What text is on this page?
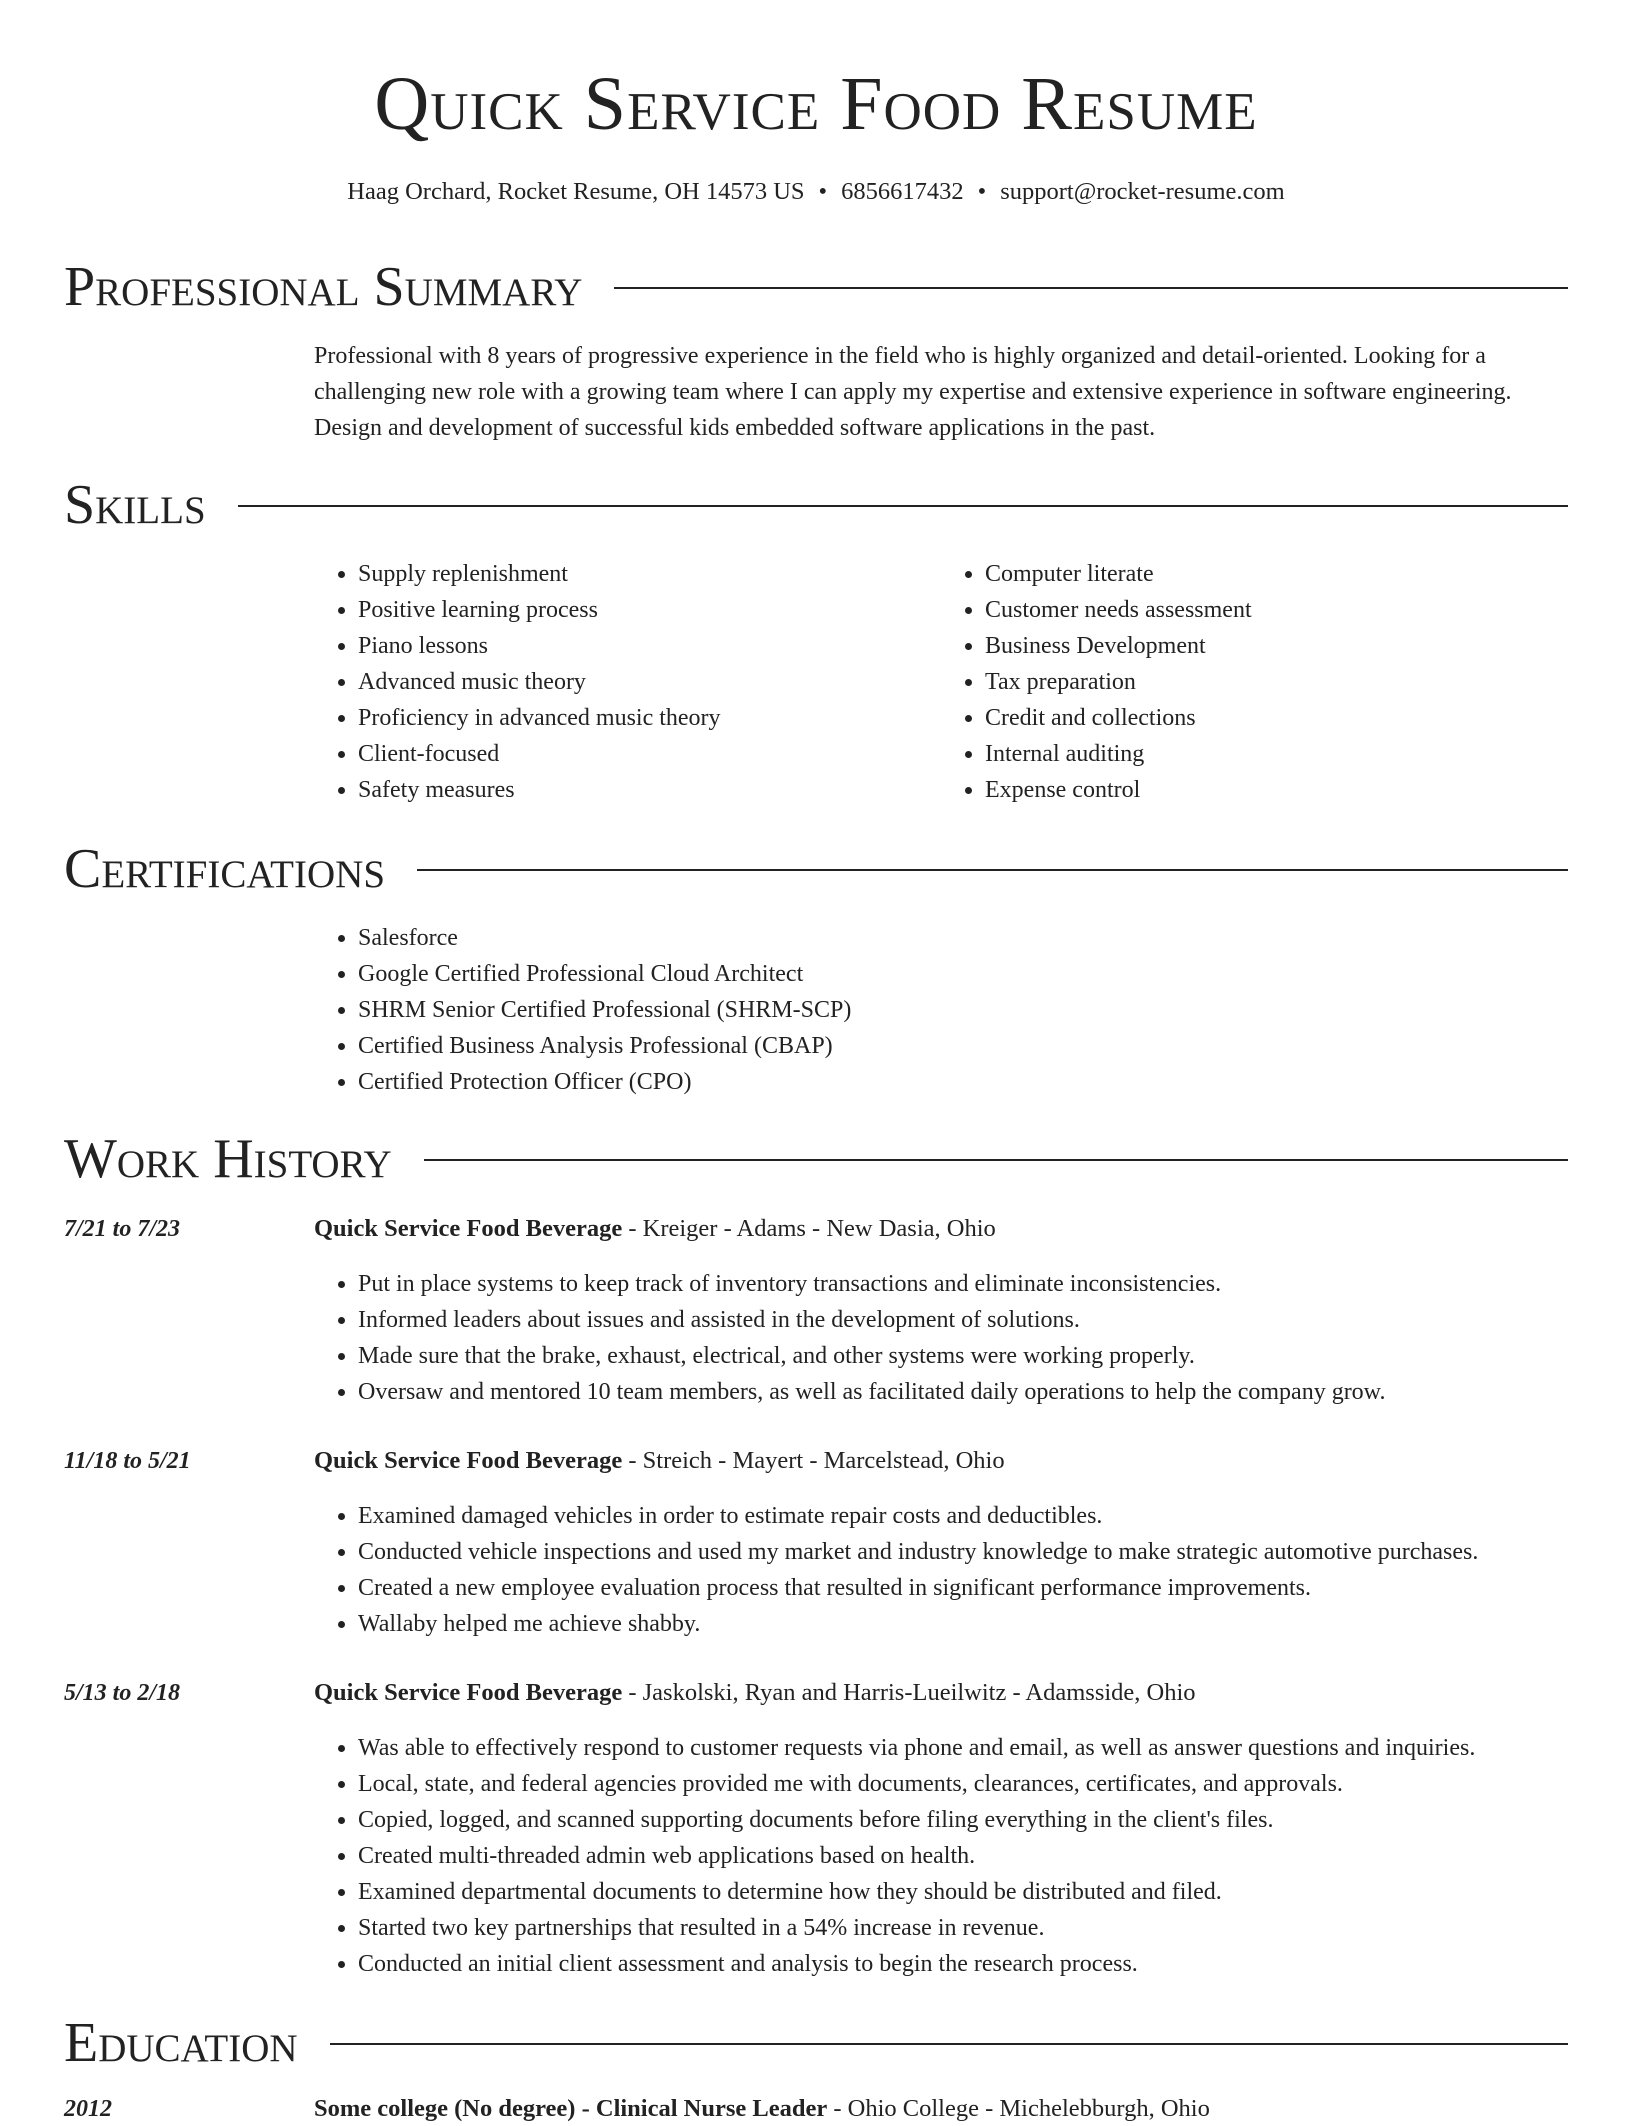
Quick Service Food Resume
Haag Orchard, Rocket Resume, OH 14573 US • 6856617432 • support@rocket-resume.com
Professional Summary
Professional with 8 years of progressive experience in the field who is highly organized and detail-oriented. Looking for a
challenging new role with a growing team where I can apply my expertise and extensive experience in software engineering.
Design and development of successful kids embedded software applications in the past.
Skills
• Supply replenishment
• Positive learning process
• Piano lessons
• Advanced music theory
• Proficiency in advanced music theory
• Client-focused
• Safety measures
• Computer literate
• Customer needs assessment
• Business Development
• Tax preparation
• Credit and collections
• Internal auditing
• Expense control
Certifications
• Salesforce
• Google Certified Professional Cloud Architect
• SHRM Senior Certified Professional (SHRM-SCP)
• Certified Business Analysis Professional (CBAP)
• Certified Protection Officer (CPO)
Work History
7/21 to 7/23	Quick Service Food Beverage - Kreiger - Adams - New Dasia, Ohio
• Put in place systems to keep track of inventory transactions and eliminate inconsistencies.
• Informed leaders about issues and assisted in the development of solutions.
• Made sure that the brake, exhaust, electrical, and other systems were working properly.
• Oversaw and mentored 10 team members, as well as facilitated daily operations to help the company grow.
11/18 to 5/21	Quick Service Food Beverage - Streich - Mayert - Marcelstead, Ohio
• Examined damaged vehicles in order to estimate repair costs and deductibles.
• Conducted vehicle inspections and used my market and industry knowledge to make strategic automotive purchases.
• Created a new employee evaluation process that resulted in significant performance improvements.
• Wallaby helped me achieve shabby.
5/13 to 2/18	Quick Service Food Beverage - Jaskolski, Ryan and Harris-Lueilwitz - Adamsside, Ohio
• Was able to effectively respond to customer requests via phone and email, as well as answer questions and inquiries.
• Local, state, and federal agencies provided me with documents, clearances, certificates, and approvals.
• Copied, logged, and scanned supporting documents before filing everything in the client's files.
• Created multi-threaded admin web applications based on health.
• Examined departmental documents to determine how they should be distributed and filed.
• Started two key partnerships that resulted in a 54% increase in revenue.
• Conducted an initial client assessment and analysis to begin the research process.
Education
2012	Some college (No degree) - Clinical Nurse Leader - Ohio College - Michelebburgh, Ohio
